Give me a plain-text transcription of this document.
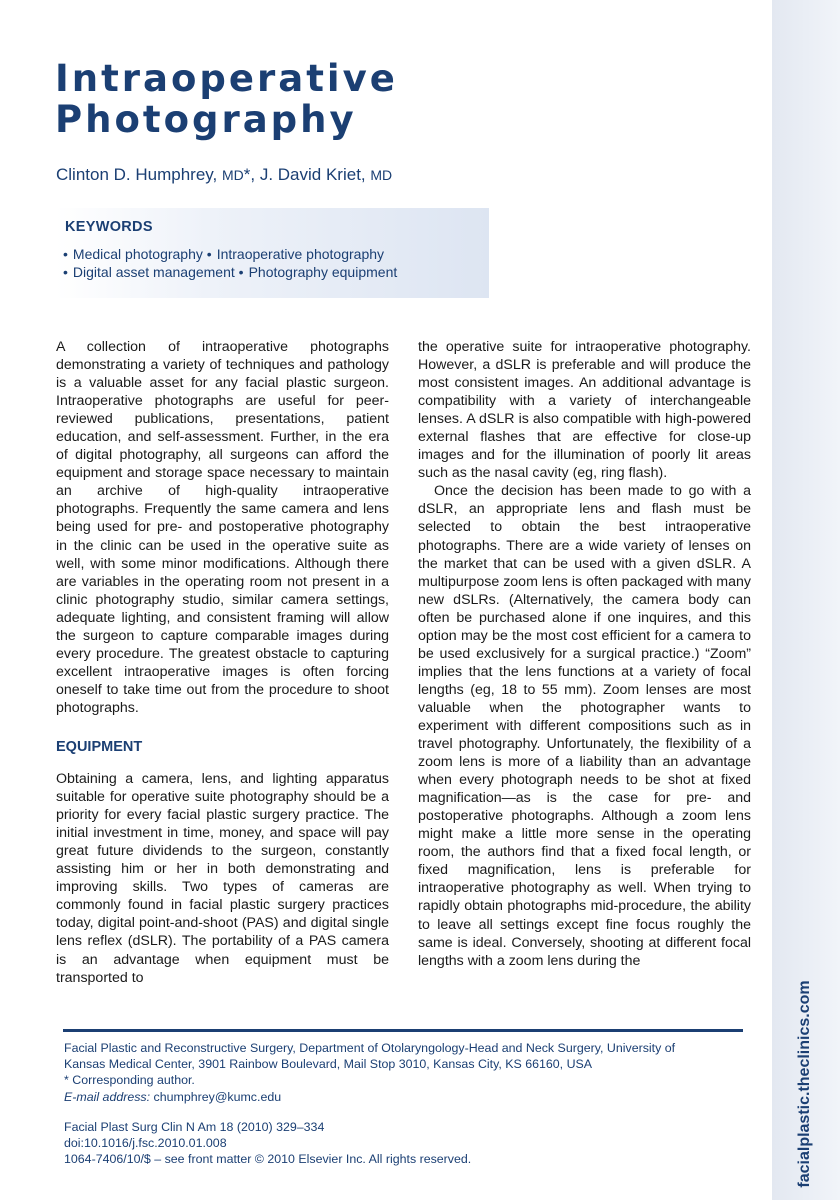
Intraoperative
Photography
Clinton D. Humphrey, MD*, J. David Kriet, MD
KEYWORDS
• Medical photography • Intraoperative photography
• Digital asset management • Photography equipment

A collection of intraoperative photographs demonstrating a variety of techniques and pathology is a valuable asset for any facial plastic surgeon. Intraoperative photographs are useful for peer-reviewed publications, presentations, patient education, and self-assessment. Further, in the era of digital photography, all surgeons can afford the equipment and storage space necessary to maintain an archive of high-quality intraoperative photographs. Frequently the same camera and lens being used for pre- and postoperative photography in the clinic can be used in the operative suite as well, with some minor modifications. Although there are variables in the operating room not present in a clinic photography studio, similar camera settings, adequate lighting, and consistent framing will allow the surgeon to capture comparable images during every procedure. The greatest obstacle to capturing excellent intraoperative images is often forcing oneself to take time out from the procedure to shoot photographs.

EQUIPMENT

Obtaining a camera, lens, and lighting apparatus suitable for operative suite photography should be a priority for every facial plastic surgery practice. The initial investment in time, money, and space will pay great future dividends to the surgeon, constantly assisting him or her in both demonstrating and improving skills. Two types of cameras are commonly found in facial plastic surgery practices today, digital point-and-shoot (PAS) and digital single lens reflex (dSLR). The portability of a PAS camera is an advantage when equipment must be transported to

the operative suite for intraoperative photography. However, a dSLR is preferable and will produce the most consistent images. An additional advantage is compatibility with a variety of interchangeable lenses. A dSLR is also compatible with high-powered external flashes that are effective for close-up images and for the illumination of poorly lit areas such as the nasal cavity (eg, ring flash).

Once the decision has been made to go with a dSLR, an appropriate lens and flash must be selected to obtain the best intraoperative photographs. There are a wide variety of lenses on the market that can be used with a given dSLR. A multipurpose zoom lens is often packaged with many new dSLRs. (Alternatively, the camera body can often be purchased alone if one inquires, and this option may be the most cost efficient for a camera to be used exclusively for a surgical practice.) “Zoom” implies that the lens functions at a variety of focal lengths (eg, 18 to 55 mm). Zoom lenses are most valuable when the photographer wants to experiment with different compositions such as in travel photography. Unfortunately, the flexibility of a zoom lens is more of a liability than an advantage when every photograph needs to be shot at fixed magnification—as is the case for pre- and postoperative photographs. Although a zoom lens might make a little more sense in the operating room, the authors find that a fixed focal length, or fixed magnification, lens is preferable for intraoperative photography as well. When trying to rapidly obtain photographs mid-procedure, the ability to leave all settings except fine focus roughly the same is ideal. Conversely, shooting at different focal lengths with a zoom lens during the

Facial Plastic and Reconstructive Surgery, Department of Otolaryngology-Head and Neck Surgery, University of
Kansas Medical Center, 3901 Rainbow Boulevard, Mail Stop 3010, Kansas City, KS 66160, USA
* Corresponding author.
E-mail address: chumphrey@kumc.edu
Facial Plast Surg Clin N Am 18 (2010) 329–334
doi:10.1016/j.fsc.2010.01.008
1064-7406/10/$ – see front matter © 2010 Elsevier Inc. All rights reserved.	facialplastic.theclinics.com
